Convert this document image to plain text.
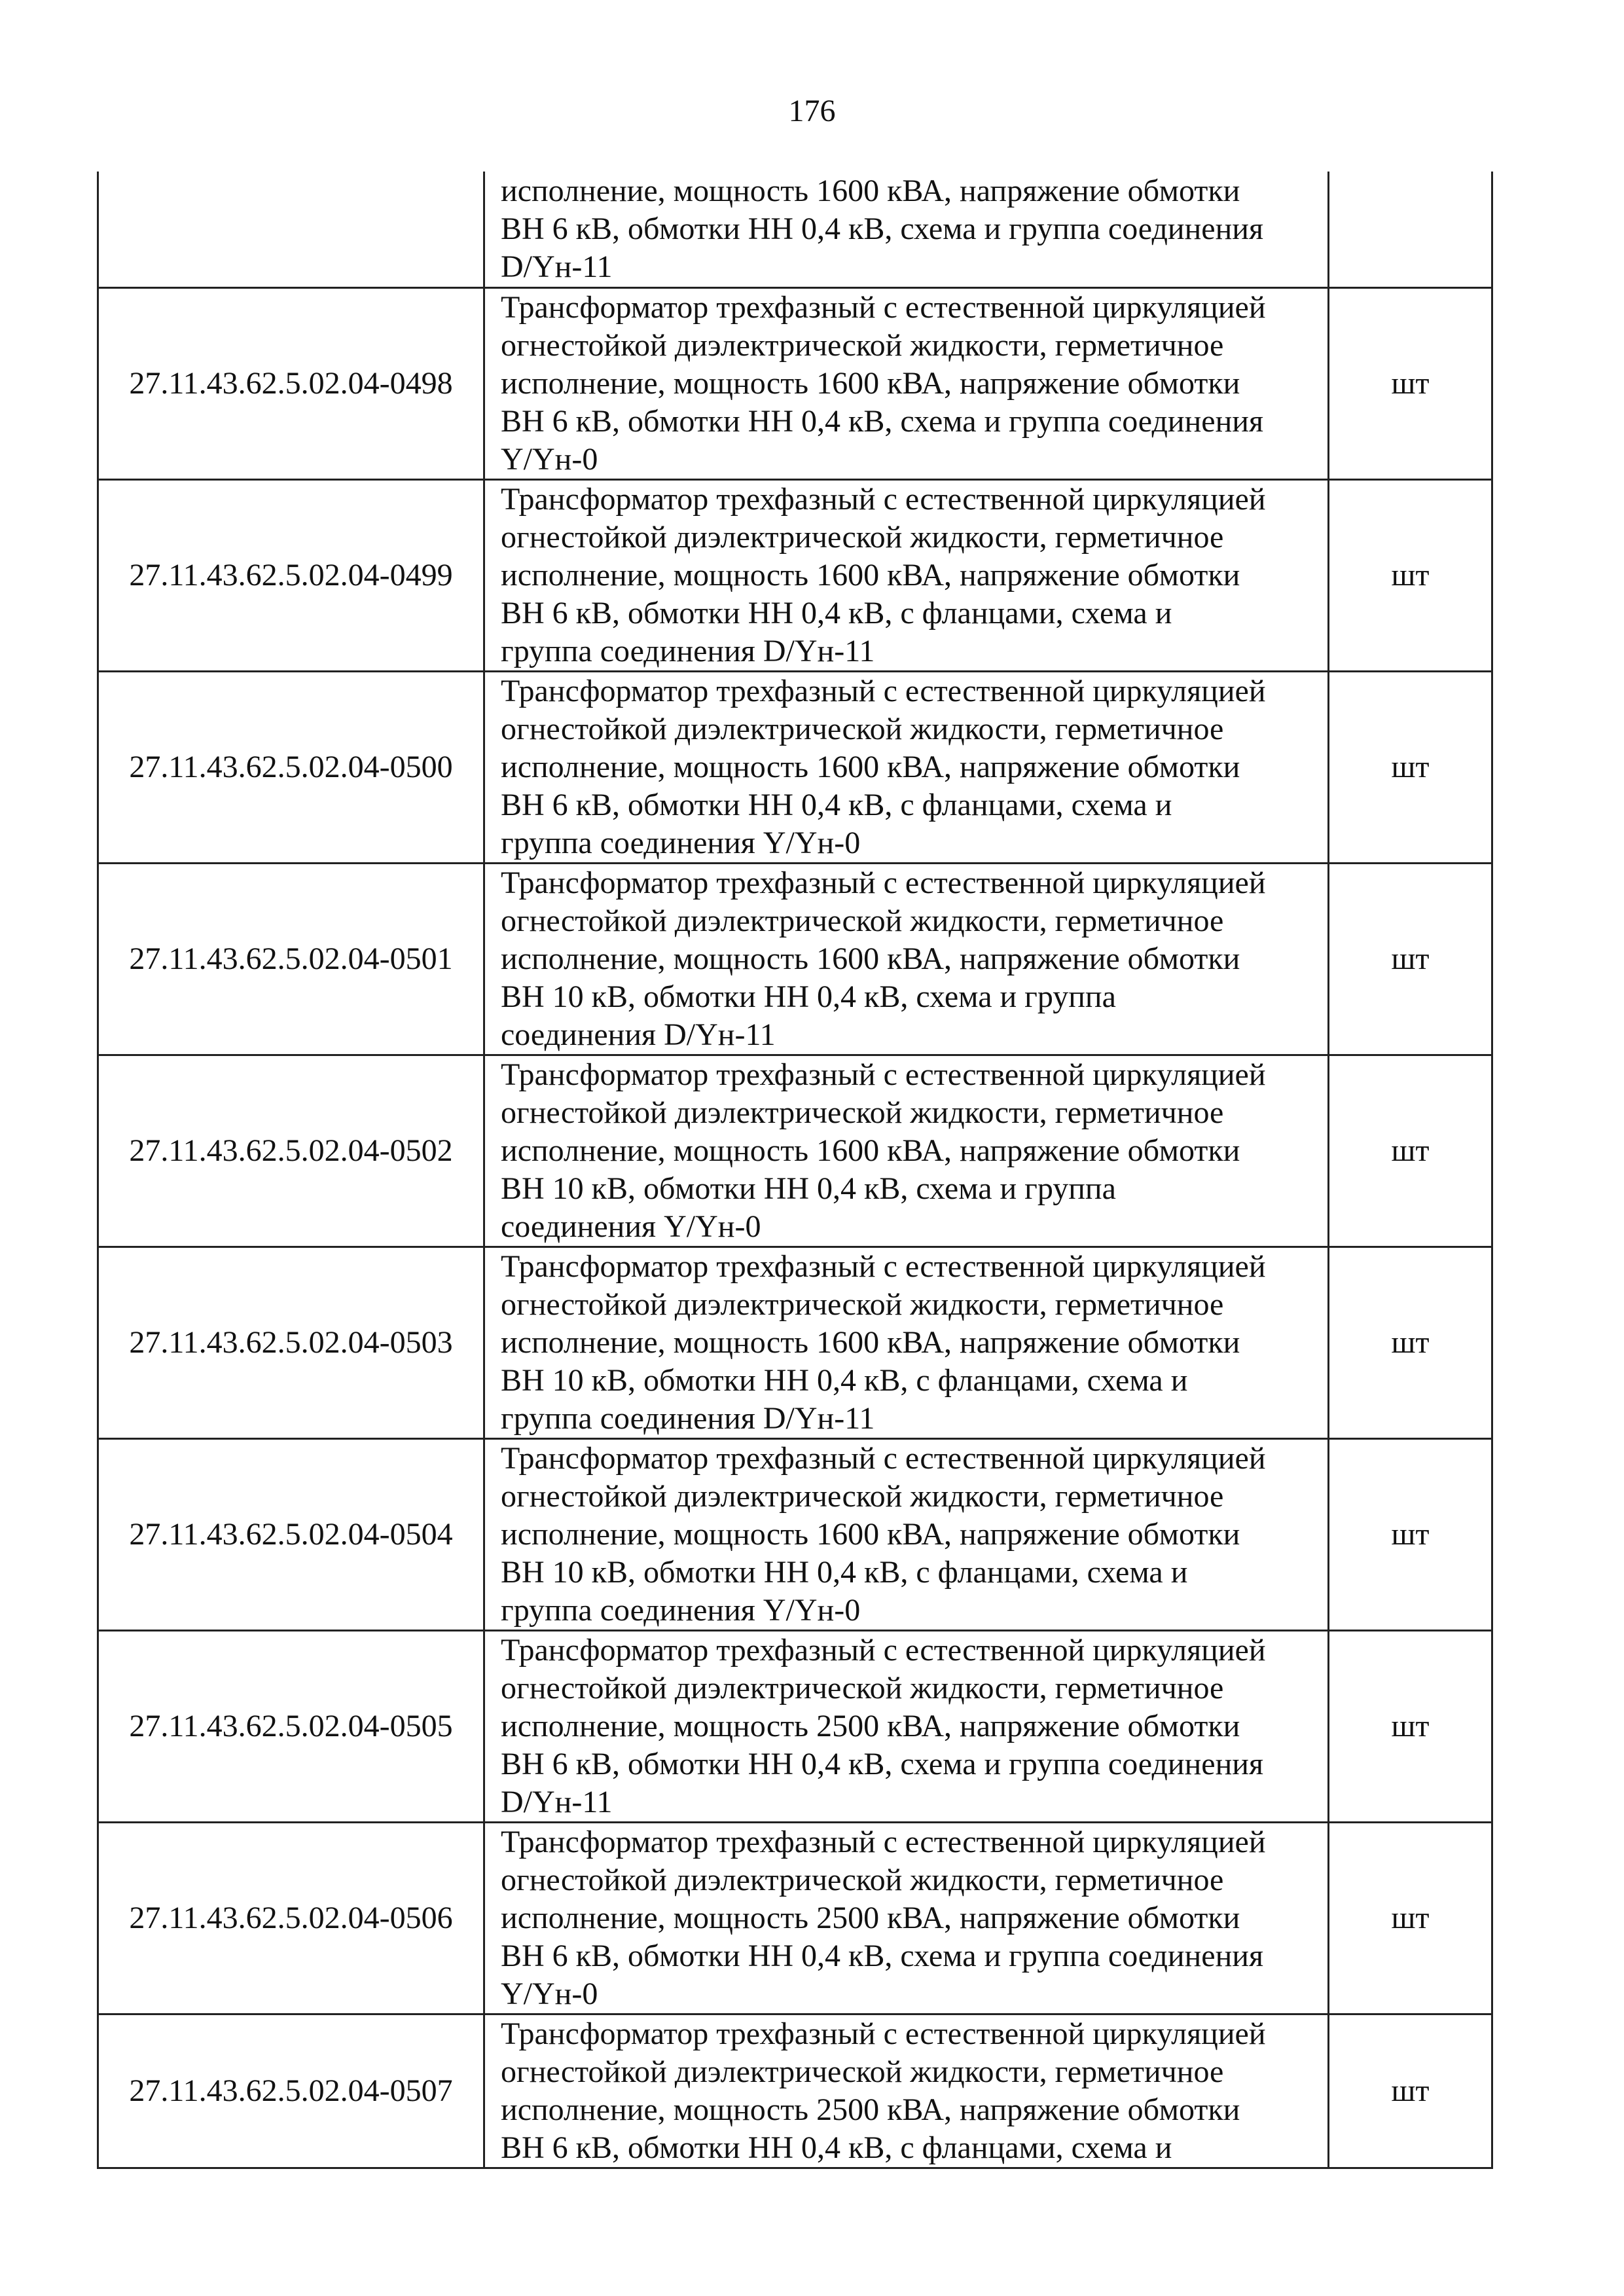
176

	исполнение, мощность 1600 кВА, напряжение обмотки
ВН 6 кВ, обмотки НН 0,4 кВ, схема и группа соединения
D/Yн-11	

27.11.43.62.5.02.04-0498	Трансформатор трехфазный с естественной циркуляцией
огнестойкой диэлектрической жидкости, герметичное
исполнение, мощность 1600 кВА, напряжение обмотки
ВН 6 кВ, обмотки НН 0,4 кВ, схема и группа соединения
Y/Yн-0	шт
27.11.43.62.5.02.04-0499	Трансформатор трехфазный с естественной циркуляцией
огнестойкой диэлектрической жидкости, герметичное
исполнение, мощность 1600 кВА, напряжение обмотки
ВН 6 кВ, обмотки НН 0,4 кВ, с фланцами, схема и
группа соединения D/Yн-11	шт
27.11.43.62.5.02.04-0500	Трансформатор трехфазный с естественной циркуляцией
огнестойкой диэлектрической жидкости, герметичное
исполнение, мощность 1600 кВА, напряжение обмотки
ВН 6 кВ, обмотки НН 0,4 кВ, с фланцами, схема и
группа соединения Y/Yн-0	шт
27.11.43.62.5.02.04-0501	Трансформатор трехфазный с естественной циркуляцией
огнестойкой диэлектрической жидкости, герметичное
исполнение, мощность 1600 кВА, напряжение обмотки
ВН 10 кВ, обмотки НН 0,4 кВ, схема и группа
соединения D/Yн-11	шт
27.11.43.62.5.02.04-0502	Трансформатор трехфазный с естественной циркуляцией
огнестойкой диэлектрической жидкости, герметичное
исполнение, мощность 1600 кВА, напряжение обмотки
ВН 10 кВ, обмотки НН 0,4 кВ, схема и группа
соединения Y/Yн-0	шт
27.11.43.62.5.02.04-0503	Трансформатор трехфазный с естественной циркуляцией
огнестойкой диэлектрической жидкости, герметичное
исполнение, мощность 1600 кВА, напряжение обмотки
ВН 10 кВ, обмотки НН 0,4 кВ, с фланцами, схема и
группа соединения D/Yн-11	шт
27.11.43.62.5.02.04-0504	Трансформатор трехфазный с естественной циркуляцией
огнестойкой диэлектрической жидкости, герметичное
исполнение, мощность 1600 кВА, напряжение обмотки
ВН 10 кВ, обмотки НН 0,4 кВ, с фланцами, схема и
группа соединения Y/Yн-0	шт
27.11.43.62.5.02.04-0505	Трансформатор трехфазный с естественной циркуляцией
огнестойкой диэлектрической жидкости, герметичное
исполнение, мощность 2500 кВА, напряжение обмотки
ВН 6 кВ, обмотки НН 0,4 кВ, схема и группа соединения
D/Yн-11	шт
27.11.43.62.5.02.04-0506	Трансформатор трехфазный с естественной циркуляцией
огнестойкой диэлектрической жидкости, герметичное
исполнение, мощность 2500 кВА, напряжение обмотки
ВН 6 кВ, обмотки НН 0,4 кВ, схема и группа соединения
Y/Yн-0	шт
27.11.43.62.5.02.04-0507	Трансформатор трехфазный с естественной циркуляцией
огнестойкой диэлектрической жидкости, герметичное
исполнение, мощность 2500 кВА, напряжение обмотки
ВН 6 кВ, обмотки НН 0,4 кВ, с фланцами, схема и	шт
